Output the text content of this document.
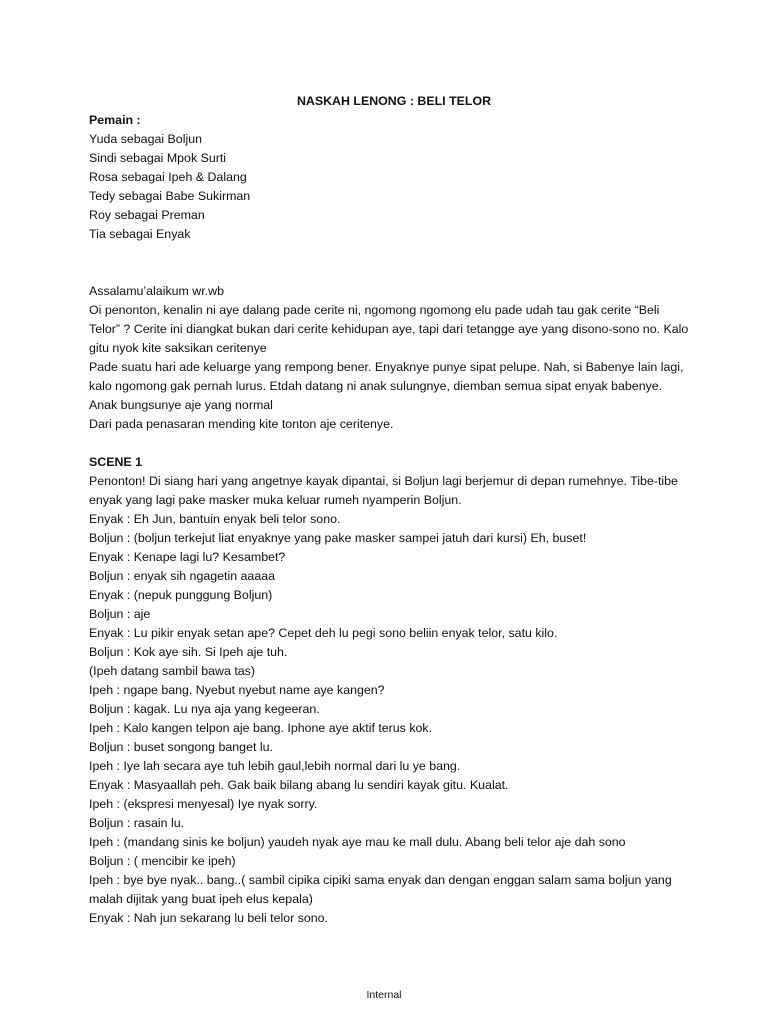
NASKAH LENONG : BELI TELOR

Pemain :

Yuda sebagai Boljun

Sindi sebagai Mpok Surti

Rosa sebagai Ipeh & Dalang

Tedy sebagai Babe Sukirman

Roy sebagai Preman

Tia sebagai Enyak

Assalamu’alaikum wr.wb

Oi penonton, kenalin ni aye dalang pade cerite ni, ngomong ngomong elu pade udah tau gak cerite “Beli Telor” ? Cerite ini diangkat bukan dari cerite kehidupan aye, tapi dari tetangge aye yang disono-sono no. Kalo gitu nyok kite saksikan ceritenye

Pade suatu hari ade keluarge yang rempong bener. Enyaknye punye sipat pelupe. Nah, si Babenye lain lagi, kalo ngomong gak pernah lurus. Etdah datang ni anak sulungnye, diemban semua sipat enyak babenye. Anak bungsunye aje yang normal

Dari pada penasaran mending kite tonton aje ceritenye.

SCENE 1

Penonton! Di siang hari yang angetnye kayak dipantai, si Boljun lagi berjemur di depan rumehnye. Tibe-tibe enyak yang lagi pake masker muka keluar rumeh nyamperin Boljun.

Enyak : Eh Jun, bantuin enyak beli telor sono.

Boljun : (boljun terkejut liat enyaknye yang pake masker sampei jatuh dari kursi) Eh, buset!

Enyak : Kenape lagi lu? Kesambet?

Boljun : enyak sih ngagetin aaaaa

Enyak : (nepuk punggung Boljun)

Boljun : aje

Enyak : Lu pikir enyak setan ape? Cepet deh lu pegi sono beliin enyak telor, satu kilo.

Boljun : Kok aye sih. Si Ipeh aje tuh.

(Ipeh datang sambil bawa tas)

Ipeh : ngape bang. Nyebut nyebut name aye kangen?

Boljun : kagak. Lu nya aja yang kegeeran.

Ipeh : Kalo kangen telpon aje bang. Iphone aye aktif terus kok.

Boljun : buset songong banget lu.

Ipeh : Iye lah secara aye tuh lebih gaul,lebih normal dari lu ye bang.

Enyak : Masyaallah peh. Gak baik bilang abang lu sendiri kayak gitu. Kualat.

Ipeh : (ekspresi menyesal) Iye nyak sorry.

Boljun : rasain lu.

Ipeh : (mandang sinis ke boljun) yaudeh nyak aye mau ke mall dulu. Abang beli telor aje dah sono

Boljun : ( mencibir ke ipeh)

Ipeh : bye bye nyak.. bang..( sambil cipika cipiki sama enyak dan dengan enggan salam sama boljun yang malah dijitak yang buat ipeh elus kepala)

Enyak : Nah jun sekarang lu beli telor sono.

Internal
